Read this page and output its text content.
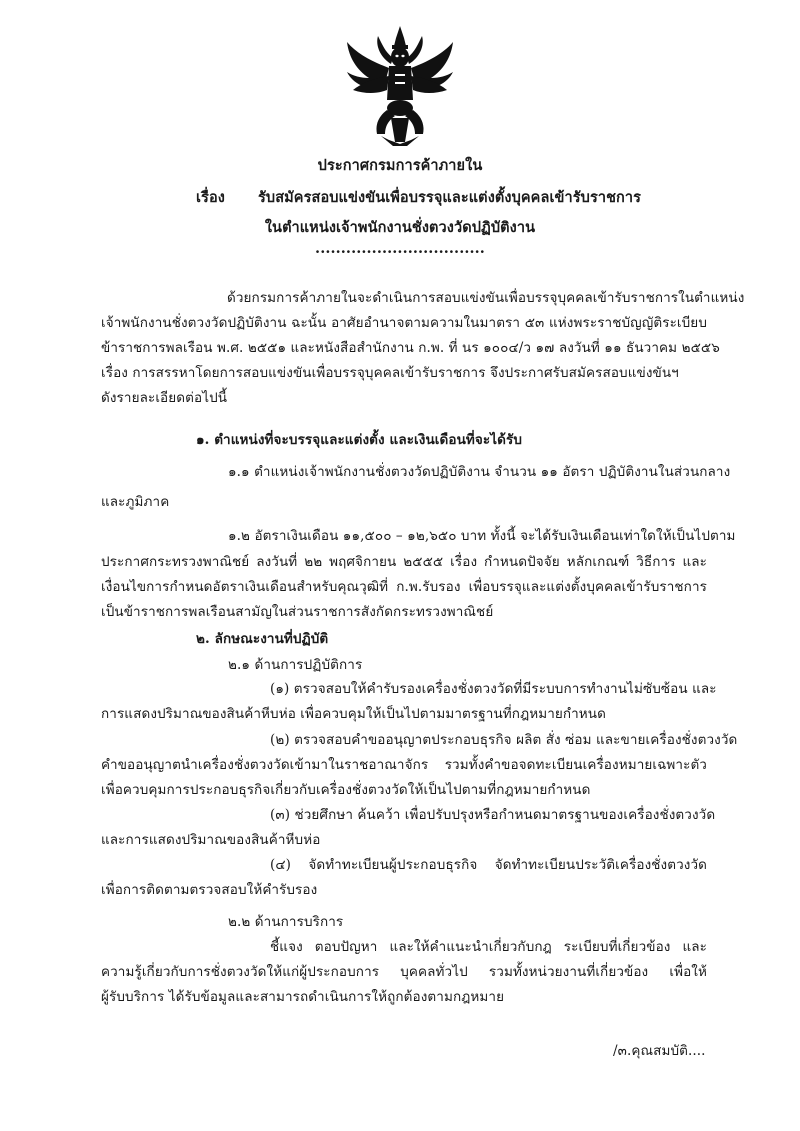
ประกาศกรมการค้าภายใน
เรื่อง รับสมัครสอบแข่งขันเพื่อบรรจุและแต่งตั้งบุคคลเข้ารับราชการ
ในตำแหน่งเจ้าพนักงานชั่งตวงวัดปฏิบัติงาน
.................................
ด้วยกรมการค้าภายในจะดำเนินการสอบแข่งขันเพื่อบรรจุบุคคลเข้ารับราชการในตำแหน่ง
เจ้าพนักงานชั่งตวงวัดปฏิบัติงาน ฉะนั้น อาศัยอำนาจตามความในมาตรา ๕๓ แห่งพระราชบัญญัติระเบียบ
ข้าราชการพลเรือน พ.ศ. ๒๕๕๑ และหนังสือสำนักงาน ก.พ. ที่ นร ๑๐๐๔/ว ๑๗ ลงวันที่ ๑๑ ธันวาคม ๒๕๕๖
เรื่อง การสรรหาโดยการสอบแข่งขันเพื่อบรรจุบุคคลเข้ารับราชการ จึงประกาศรับสมัครสอบแข่งขันฯ
ดังรายละเอียดต่อไปนี้
๑. ตำแหน่งที่จะบรรจุและแต่งตั้ง และเงินเดือนที่จะได้รับ
๑.๑ ตำแหน่งเจ้าพนักงานชั่งตวงวัดปฏิบัติงาน จำนวน ๑๑ อัตรา ปฏิบัติงานในส่วนกลาง
และภูมิภาค
๑.๒ อัตราเงินเดือน ๑๑,๕๐๐ – ๑๒,๖๕๐ บาท ทั้งนี้ จะได้รับเงินเดือนเท่าใดให้เป็นไปตาม
ประกาศกระทรวงพาณิชย์ ลงวันที่ ๒๒ พฤศจิกายน ๒๕๕๕ เรื่อง กำหนดปัจจัย หลักเกณฑ์ วิธีการ และ
เงื่อนไขการกำหนดอัตราเงินเดือนสำหรับคุณวุฒิที่ ก.พ.รับรอง เพื่อบรรจุและแต่งตั้งบุคคลเข้ารับราชการ
เป็นข้าราชการพลเรือนสามัญในส่วนราชการสังกัดกระทรวงพาณิชย์
๒. ลักษณะงานที่ปฏิบัติ
๒.๑ ด้านการปฏิบัติการ
(๑) ตรวจสอบให้คำรับรองเครื่องชั่งตวงวัดที่มีระบบการทำงานไม่ซับซ้อน และ
การแสดงปริมาณของสินค้าหีบห่อ เพื่อควบคุมให้เป็นไปตามมาตรฐานที่กฎหมายกำหนด
(๒) ตรวจสอบคำขออนุญาตประกอบธุรกิจ ผลิต สั่ง ซ่อม และขายเครื่องชั่งตวงวัด
คำขออนุญาตนำเครื่องชั่งตวงวัดเข้ามาในราชอาณาจักร รวมทั้งคำขอจดทะเบียนเครื่องหมายเฉพาะตัว
เพื่อควบคุมการประกอบธุรกิจเกี่ยวกับเครื่องชั่งตวงวัดให้เป็นไปตามที่กฎหมายกำหนด
(๓) ช่วยศึกษา ค้นคว้า เพื่อปรับปรุงหรือกำหนดมาตรฐานของเครื่องชั่งตวงวัด
และการแสดงปริมาณของสินค้าหีบห่อ
(๔) จัดทำทะเบียนผู้ประกอบธุรกิจ จัดทำทะเบียนประวัติเครื่องชั่งตวงวัด
เพื่อการติดตามตรวจสอบให้คำรับรอง
๒.๒ ด้านการบริการ
ชี้แจง ตอบปัญหา และให้คำแนะนำเกี่ยวกับกฎ ระเบียบที่เกี่ยวข้อง และ
ความรู้เกี่ยวกับการชั่งตวงวัดให้แก่ผู้ประกอบการ บุคคลทั่วไป รวมทั้งหน่วยงานที่เกี่ยวข้อง เพื่อให้
ผู้รับบริการ ได้รับข้อมูลและสามารถดำเนินการให้ถูกต้องตามกฎหมาย
/๓.คุณสมบัติ....
